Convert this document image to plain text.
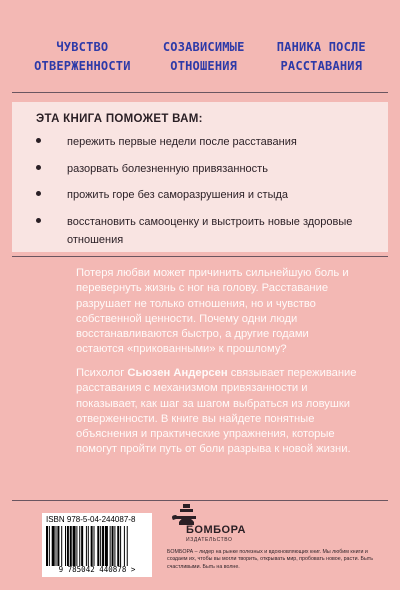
ЧУВСТВО
ОТВЕРЖЕННОСТИ
СОЗАВИСИМЫЕ
ОТНОШЕНИЯ
ПАНИКА ПОСЛЕ
РАССТАВАНИЯ
ЭТА КНИГА ПОМОЖЕТ ВАМ:
пережить первые недели после расставания
разорвать болезненную привязанность
прожить горе без саморазрушения и стыда
восстановить самооценку и выстроить новые здоровые отношения

Потеря любви может причинить сильнейшую боль и перевернуть жизнь с ног на голову. Расставание разрушает не только отношения, но и чувство собственной ценности. Почему одни люди восстанавливаются быстро, а другие годами остаются «прикованными» к прошлому?

Психолог Сьюзен Андерсен связывает переживание расставания с механизмом привязанности и показывает, как шаг за шагом выбраться из ловушки отверженности. В книге вы найдете понятные объяснения и практические упражнения, которые помогут пройти путь от боли разрыва к новой жизни.

ISBN 978-5-04-244087-8
9 785042 440878 >
БОМБОРА
ИЗДАТЕЛЬСТВО
БОМБОРА – лидер на рынке полезных и вдохновляющих книг. Мы любим книги и создаем их, чтобы вы могли творить, открывать мир, пробовать новое, расти. Быть счастливыми. Быть на волне.
